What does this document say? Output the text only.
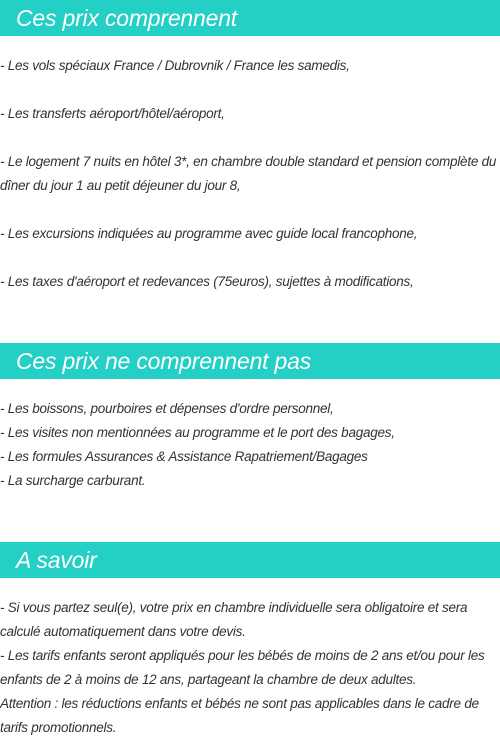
Ces prix comprennent
- Les vols spéciaux France / Dubrovnik / France les samedis,
- Les transferts aéroport/hôtel/aéroport,
- Le logement 7 nuits en hôtel 3*, en chambre double standard et pension complète du dîner du jour 1 au petit déjeuner du jour 8,
- Les excursions indiquées au programme avec guide local francophone,
- Les taxes d'aéroport et redevances (75euros), sujettes à modifications,
Ces prix ne comprennent pas
- Les boissons, pourboires et dépenses d'ordre personnel,
- Les visites non mentionnées au programme et le port des bagages,
- Les formules Assurances & Assistance Rapatriement/Bagages
- La surcharge carburant.
A savoir
- Si vous partez seul(e), votre prix en chambre individuelle sera obligatoire et sera calculé automatiquement dans votre devis.
- Les tarifs enfants seront appliqués pour les bébés de moins de 2 ans et/ou pour les enfants de 2 à moins de 12 ans, partageant la chambre de deux adultes.
Attention : les réductions enfants et bébés ne sont pas applicables dans le cadre de tarifs promotionnels.
